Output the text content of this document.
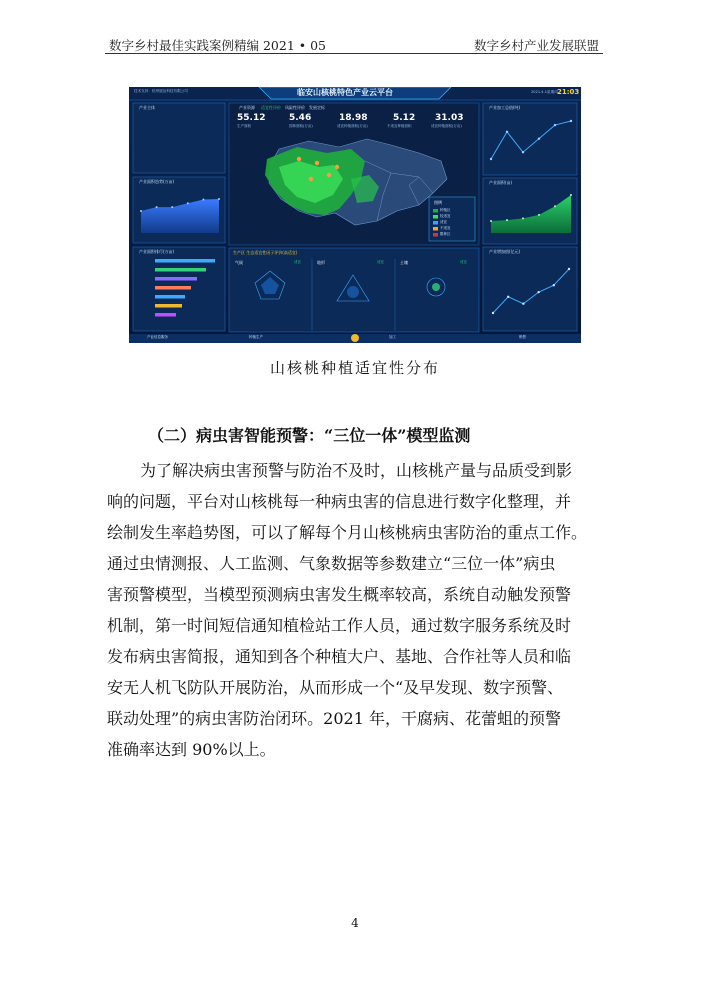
数字乡村最佳实践案例精编 2021 • 05	数字乡村产业发展联盟
临安山核桃特色产业云平台
技术支持：杭州展达科技有限公司	2021.4.1星期四 21:03
产业资源 适宜性评价 风险性评价 发展定标
55.12
生产面积
5.46
园林面积(万亩)
18.98
适宜种植面积(万亩)
5.12
不适宜种植面积
31.03
适宜种植面积(万亩)
产业主体
产业面积趋势(万亩)
产业面积排行(万亩)
产业加工总值(吨)
产业面积(亩)
产业增加值(亿元)
图例
种植区
较适宜
适宜
不适宜
限种区
生产区 生态适宜性因子评价(高适宜)
气候	适宜	地形	适宜	土壤	适宜
产业信息服务	种植生产	加工	销售
山核桃种植适宜性分布
（二）病虫害智能预警：“三位一体”模型监测
为了解决病虫害预警与防治不及时，山核桃产量与品质受到影
响的问题，平台对山核桃每一种病虫害的信息进行数字化整理，并
绘制发生率趋势图，可以了解每个月山核桃病虫害防治的重点工作。
通过虫情测报、人工监测、气象数据等参数建立“三位一体”病虫
害预警模型，当模型预测病虫害发生概率较高，系统自动触发预警
机制，第一时间短信通知植检站工作人员，通过数字服务系统及时
发布病虫害简报，通知到各个种植大户、基地、合作社等人员和临
安无人机飞防队开展防治，从而形成一个“及早发现、数字预警、
联动处理”的病虫害防治闭环。2021 年，干腐病、花蕾蛆的预警
准确率达到 90%以上。
4
